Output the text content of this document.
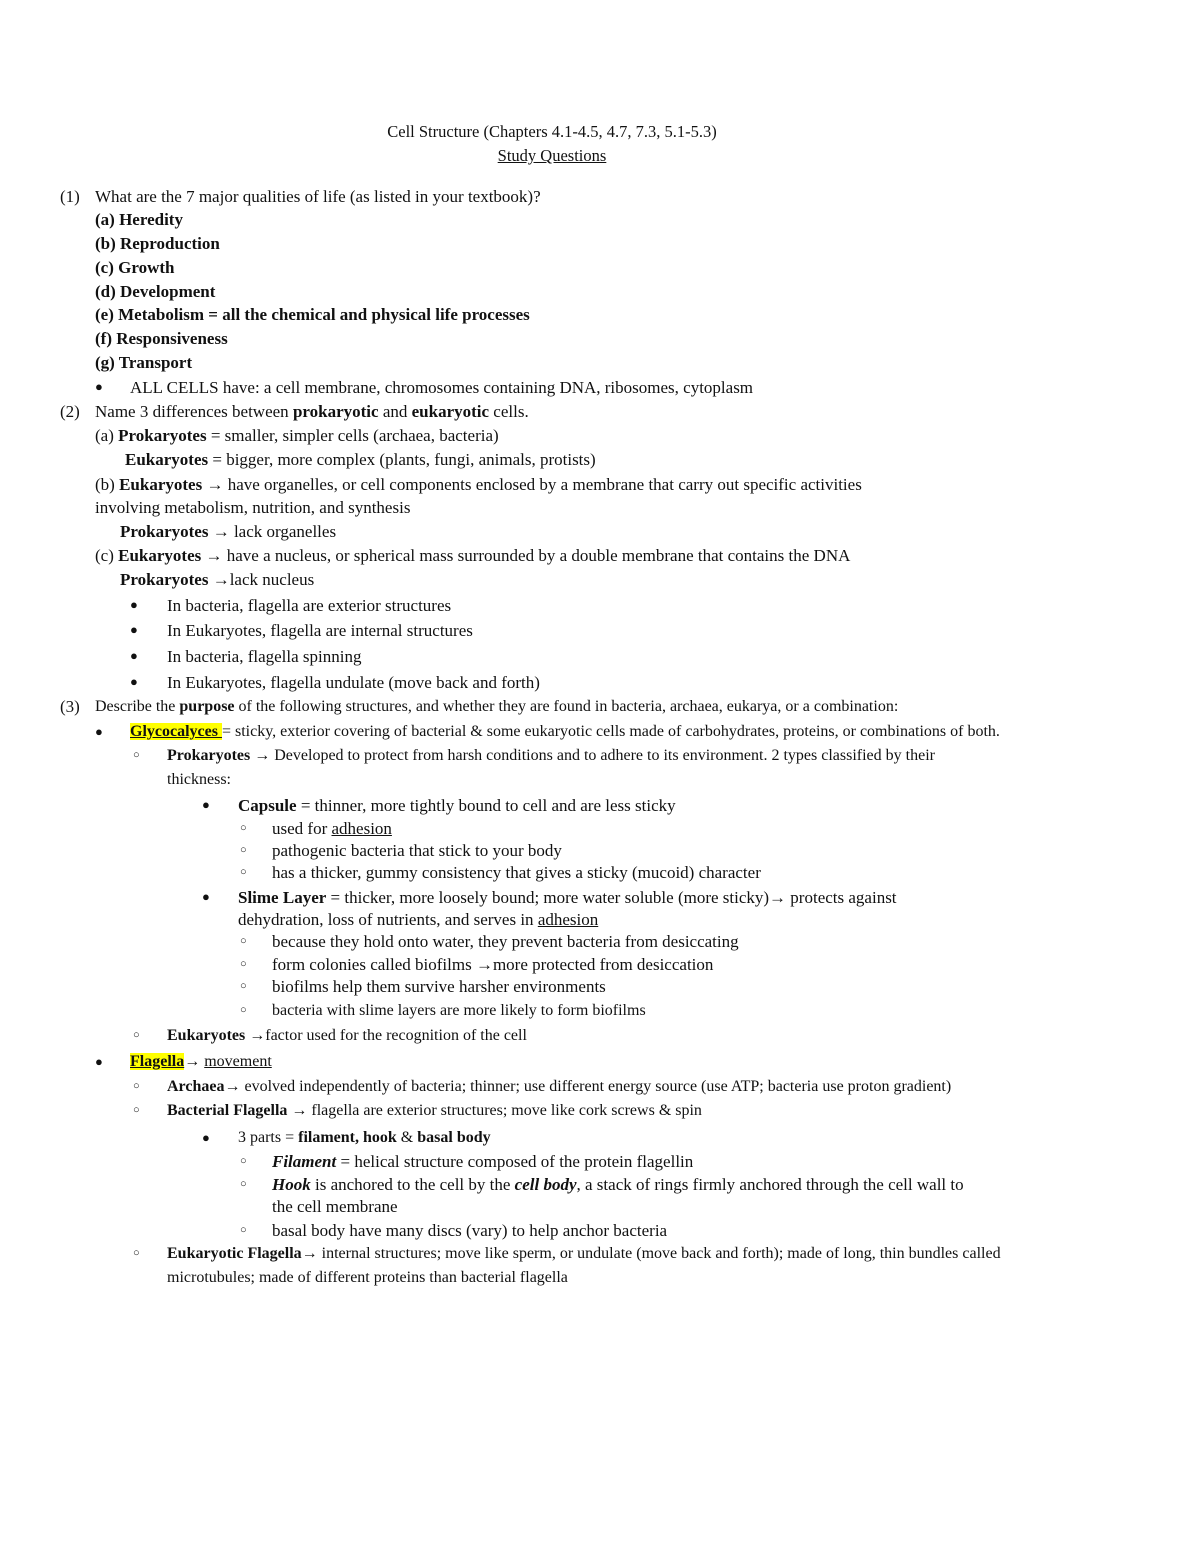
Cell Structure (Chapters 4.1-4.5, 4.7, 7.3, 5.1-5.3)
Study Questions
(1) What are the 7 major qualities of life (as listed in your textbook)?
(a) Heredity
(b) Reproduction
(c) Growth
(d) Development
(e) Metabolism = all the chemical and physical life processes
(f) Responsiveness
(g) Transport
● ALL CELLS have: a cell membrane, chromosomes containing DNA, ribosomes, cytoplasm
(2) Name 3 differences between prokaryotic and eukaryotic cells.
(a) Prokaryotes = smaller, simpler cells (archaea, bacteria)
Eukaryotes = bigger, more complex (plants, fungi, animals, protists)
(b) Eukaryotes → have organelles, or cell components enclosed by a membrane that carry out specific activities
involving metabolism, nutrition, and synthesis
Prokaryotes → lack organelles
(c) Eukaryotes → have a nucleus, or spherical mass surrounded by a double membrane that contains the DNA
Prokaryotes →lack nucleus
● In bacteria, flagella are exterior structures
● In Eukaryotes, flagella are internal structures
● In bacteria, flagella spinning
● In Eukaryotes, flagella undulate (move back and forth)
(3) Describe the purpose of the following structures, and whether they are found in bacteria, archaea, eukarya, or a combination:
● Glycocalyces = sticky, exterior covering of bacterial & some eukaryotic cells made of carbohydrates, proteins, or combinations of both.
○ Prokaryotes → Developed to protect from harsh conditions and to adhere to its environment. 2 types classified by their
thickness:
● Capsule = thinner, more tightly bound to cell and are less sticky
○ used for adhesion
○ pathogenic bacteria that stick to your body
○ has a thicker, gummy consistency that gives a sticky (mucoid) character
● Slime Layer = thicker, more loosely bound; more water soluble (more sticky)→ protects against
dehydration, loss of nutrients, and serves in adhesion
○ because they hold onto water, they prevent bacteria from desiccating
○ form colonies called biofilms →more protected from desiccation
○ biofilms help them survive harsher environments
○ bacteria with slime layers are more likely to form biofilms
○ Eukaryotes →factor used for the recognition of the cell
● Flagella→ movement
○ Archaea→ evolved independently of bacteria; thinner; use different energy source (use ATP; bacteria use proton gradient)
○ Bacterial Flagella → flagella are exterior structures; move like cork screws & spin
● 3 parts = filament, hook & basal body
○ Filament = helical structure composed of the protein flagellin
○ Hook is anchored to the cell by the cell body, a stack of rings firmly anchored through the cell wall to
the cell membrane
○ basal body have many discs (vary) to help anchor bacteria
○ Eukaryotic Flagella→ internal structures; move like sperm, or undulate (move back and forth); made of long, thin bundles called
microtubules; made of different proteins than bacterial flagella
